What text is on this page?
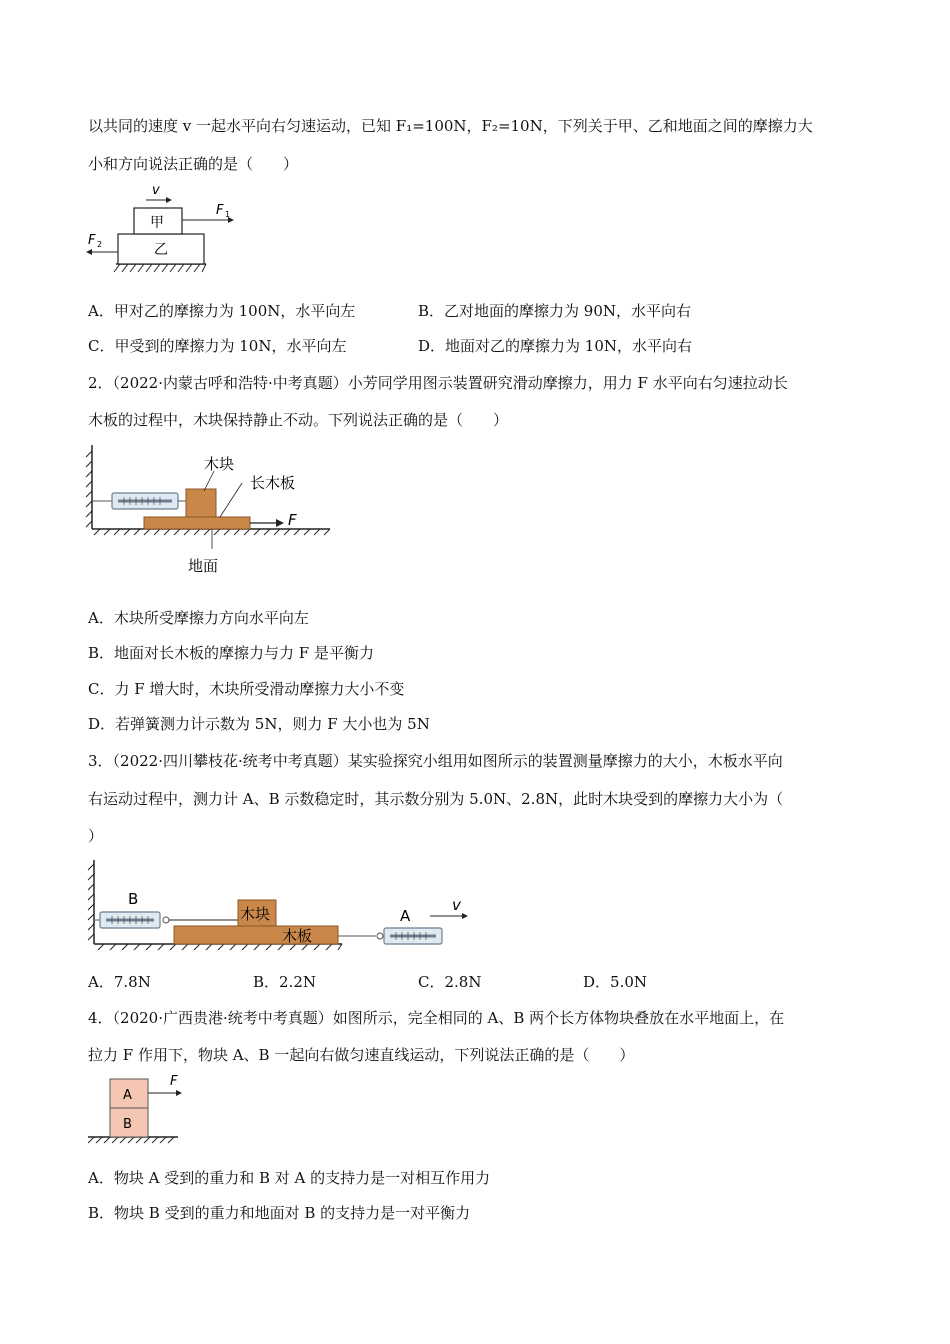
以共同的速度 v 一起水平向右匀速运动，已知 F₁=100N，F₂=10N，下列关于甲、乙和地面之间的摩擦力大
小和方向说法正确的是（　　）
v
甲
乙
F 1
F 2
A．甲对乙的摩擦力为 100N，水平向左	B．乙对地面的摩擦力为 90N，水平向右
C．甲受到的摩擦力为 10N，水平向左	D．地面对乙的摩擦力为 10N，水平向右
2．（2022·内蒙古呼和浩特·中考真题）小芳同学用图示装置研究滑动摩擦力，用力 F 水平向右匀速拉动长
木板的过程中，木块保持静止不动。下列说法正确的是（　　）
木块
长木板
F
地面
A．木块所受摩擦力方向水平向左
B．地面对长木板的摩擦力与力 F 是平衡力
C．力 F 增大时，木块所受滑动摩擦力大小不变
D．若弹簧测力计示数为 5N，则力 F 大小也为 5N
3．（2022·四川攀枝花·统考中考真题）某实验探究小组用如图所示的装置测量摩擦力的大小，木板水平向
右运动过程中，测力计 A、B 示数稳定时，其示数分别为 5.0N、2.8N，此时木块受到的摩擦力大小为（
）
B
A
v
木块
木板
A．7.8N	B．2.2N	C．2.8N	D．5.0N
4．（2020·广西贵港·统考中考真题）如图所示，完全相同的 A、B 两个长方体物块叠放在水平地面上，在
拉力 F 作用下，物块 A、B 一起向右做匀速直线运动，下列说法正确的是（　　）
A
B
F
A．物块 A 受到的重力和 B 对 A 的支持力是一对相互作用力
B．物块 B 受到的重力和地面对 B 的支持力是一对平衡力
